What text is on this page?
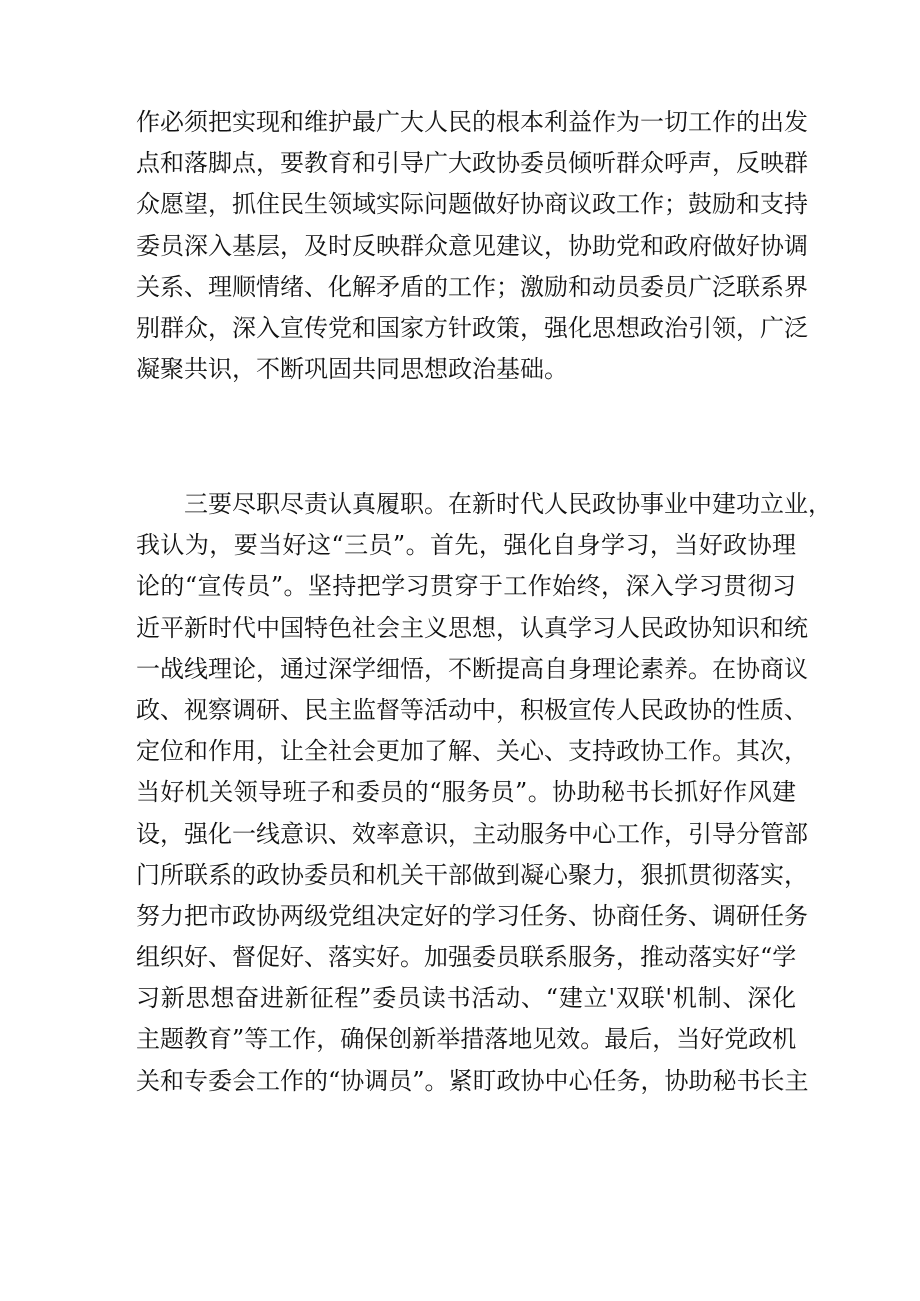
作必须把实现和维护最广大人民的根本利益作为一切工作的出发
点和落脚点，要教育和引导广大政协委员倾听群众呼声，反映群
众愿望，抓住民生领域实际问题做好协商议政工作；鼓励和支持
委员深入基层，及时反映群众意见建议，协助党和政府做好协调
关系、理顺情绪、化解矛盾的工作；激励和动员委员广泛联系界
别群众，深入宣传党和国家方针政策，强化思想政治引领，广泛
凝聚共识，不断巩固共同思想政治基础。

三要尽职尽责认真履职。在新时代人民政协事业中建功立业，
我认为，要当好这“三员”。首先，强化自身学习，当好政协理
论的“宣传员”。坚持把学习贯穿于工作始终，深入学习贯彻习
近平新时代中国特色社会主义思想，认真学习人民政协知识和统
一战线理论，通过深学细悟，不断提高自身理论素养。在协商议
政、视察调研、民主监督等活动中，积极宣传人民政协的性质、
定位和作用，让全社会更加了解、关心、支持政协工作。其次，
当好机关领导班子和委员的“服务员”。协助秘书长抓好作风建
设，强化一线意识、效率意识，主动服务中心工作，引导分管部
门所联系的政协委员和机关干部做到凝心聚力，狠抓贯彻落实，
努力把市政协两级党组决定好的学习任务、协商任务、调研任务
组织好、督促好、落实好。加强委员联系服务，推动落实好“学
习新思想奋进新征程”委员读书活动、“建立'双联'机制、深化
主题教育”等工作，确保创新举措落地见效。最后，当好党政机
关和专委会工作的“协调员”。紧盯政协中心任务，协助秘书长主
